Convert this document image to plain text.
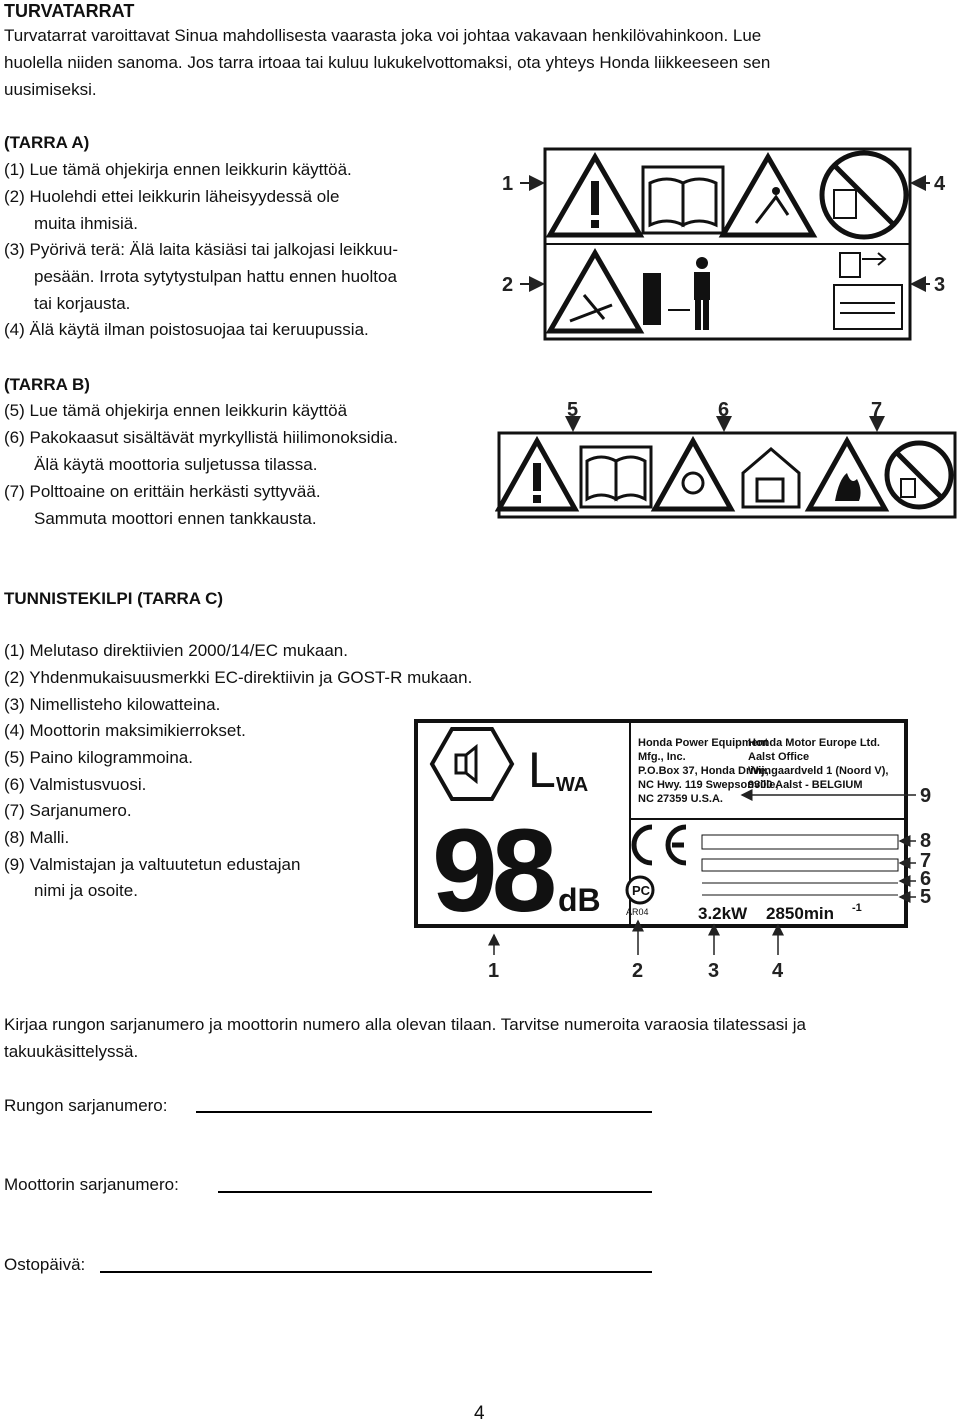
TURVATARRAT
Turvatarrat varoittavat Sinua mahdollisesta vaarasta joka voi johtaa vakavaan henkilövahinkoon. Lue
huolella niiden sanoma. Jos tarra irtoaa tai kuluu lukukelvottomaksi, ota yhteys Honda liikkeeseen sen
uusimiseksi.
(TARRA A)
(1) Lue tämä ohjekirja ennen leikkurin käyttöä.
(2) Huolehdi ettei leikkurin läheisyydessä ole
muita ihmisiä.
(3) Pyörivä terä: Älä laita käsiäsi tai jalkojasi leikkuu-
pesään. Irrota sytytystulpan hattu ennen huoltoa
tai korjausta.
(4) Älä käytä ilman poistosuojaa tai keruupussia.
1
2	3
4
(TARRA B)
(5) Lue tämä ohjekirja ennen leikkurin käyttöä
(6) Pakokaasut sisältävät myrkyllistä hiilimonoksidia.
Älä käytä moottoria suljetussa tilassa.
(7) Polttoaine on erittäin herkästi syttyvää.
Sammuta moottori ennen tankkausta.
5	6	7
TUNNISTEKILPI (TARRA C)
(1) Melutaso direktiivien 2000/14/EC mukaan.
(2) Yhdenmukaisuusmerkki EC-direktiivin ja GOST-R mukaan.
(3) Nimellisteho kilowatteina.
(4) Moottorin maksimikierrokset.
(5) Paino kilogrammoina.
(6) Valmistusvuosi.
(7) Sarjanumero.
(8) Malli.
(9) Valmistajan ja valtuutetun edustajan
nimi ja osoite.
L WA
98 dB
Honda Power Equipment
Mfg., Inc.
P.O.Box 37, Honda Drive,
NC Hwy. 119 Swepsonville,
NC 27359 U.S.A.
Honda Motor Europe Ltd.
Aalst Office
Wijngaardveld 1 (Noord V),
9300 Aalst - BELGIUM
PC
AR04	3.2kW 2850min -1
9
8
7
6
5
1	2	3	4
Kirjaa rungon sarjanumero ja moottorin numero alla olevan tilaan. Tarvitse numeroita varaosia tilatessasi ja
takuukäsittelyssä.
Rungon sarjanumero:
Moottorin sarjanumero:
Ostopäivä:
4
